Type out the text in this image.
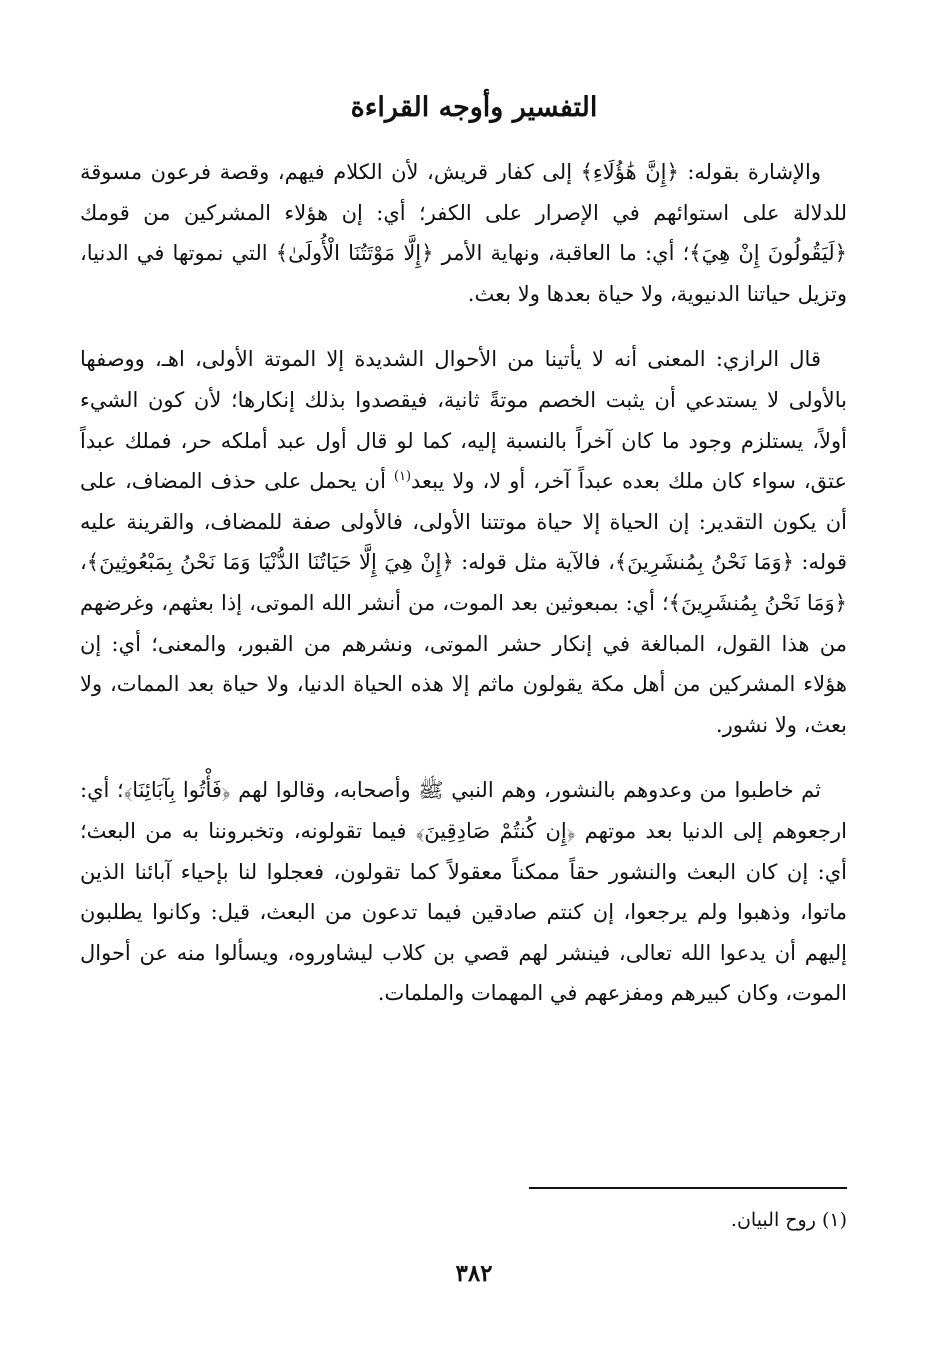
التفسير وأوجه القراءة

والإشارة بقوله: ﴿إِنَّ هَٰؤُلَاءِ﴾ إلى كفار قريش، لأن الكلام فيهم، وقصة فرعون مسوقة للدلالة على استوائهم في الإصرار على الكفر؛ أي: إن هؤلاء المشركين من قومك ﴿لَيَقُولُونَ إِنْ هِيَ﴾؛ أي: ما العاقبة، ونهاية الأمر ﴿إِلَّا مَوْتَتُنَا الْأُولَىٰ﴾ التي نموتها في الدنيا، وتزيل حياتنا الدنيوية، ولا حياة بعدها ولا بعث.

قال الرازي: المعنى أنه لا يأتينا من الأحوال الشديدة إلا الموتة الأولى، اهـ، ووصفها بالأولى لا يستدعي أن يثبت الخصم موتةً ثانية، فيقصدوا بذلك إنكارها؛ لأن كون الشيء أولاً، يستلزم وجود ما كان آخراً بالنسبة إليه، كما لو قال أول عبد أملكه حر، فملك عبداً عتق، سواء كان ملك بعده عبداً آخر، أو لا، ولا يبعد$^{(١)}$ أن يحمل على حذف المضاف، على أن يكون التقدير: إن الحياة إلا حياة موتتنا الأولى، فالأولى صفة للمضاف، والقرينة عليه قوله: ﴿وَمَا نَحْنُ بِمُنشَرِينَ﴾، فالآية مثل قوله: ﴿إِنْ هِيَ إِلَّا حَيَاتُنَا الدُّنْيَا وَمَا نَحْنُ بِمَبْعُوثِينَ﴾، ﴿وَمَا نَحْنُ بِمُنشَرِينَ﴾؛ أي: بمبعوثين بعد الموت، من أنشر الله الموتى، إذا بعثهم، وغرضهم من هذا القول، المبالغة في إنكار حشر الموتى، ونشرهم من القبور، والمعنى؛ أي: إن هؤلاء المشركين من أهل مكة يقولون ماثم إلا هذه الحياة الدنيا، ولا حياة بعد الممات، ولا بعث، ولا نشور.

ثم خاطبوا من وعدوهم بالنشور، وهم النبي ﷺ وأصحابه، وقالوا لهم ﴿فَأْتُوا بِآبَائِنَا﴾؛ أي: ارجعوهم إلى الدنيا بعد موتهم ﴿إِن كُنتُمْ صَادِقِينَ﴾ فيما تقولونه، وتخبروننا به من البعث؛ أي: إن كان البعث والنشور حقاً ممكناً معقولاً كما تقولون، فعجلوا لنا بإحياء آبائنا الذين ماتوا، وذهبوا ولم يرجعوا، إن كنتم صادقين فيما تدعون من البعث، قيل: وكانوا يطلبون إليهم أن يدعوا الله تعالى، فينشر لهم قصي بن كلاب ليشاوروه، ويسألوا منه عن أحوال الموت، وكان كبيرهم ومفزعهم في المهمات والملمات.

(١) روح البيان.
٣٨٢
